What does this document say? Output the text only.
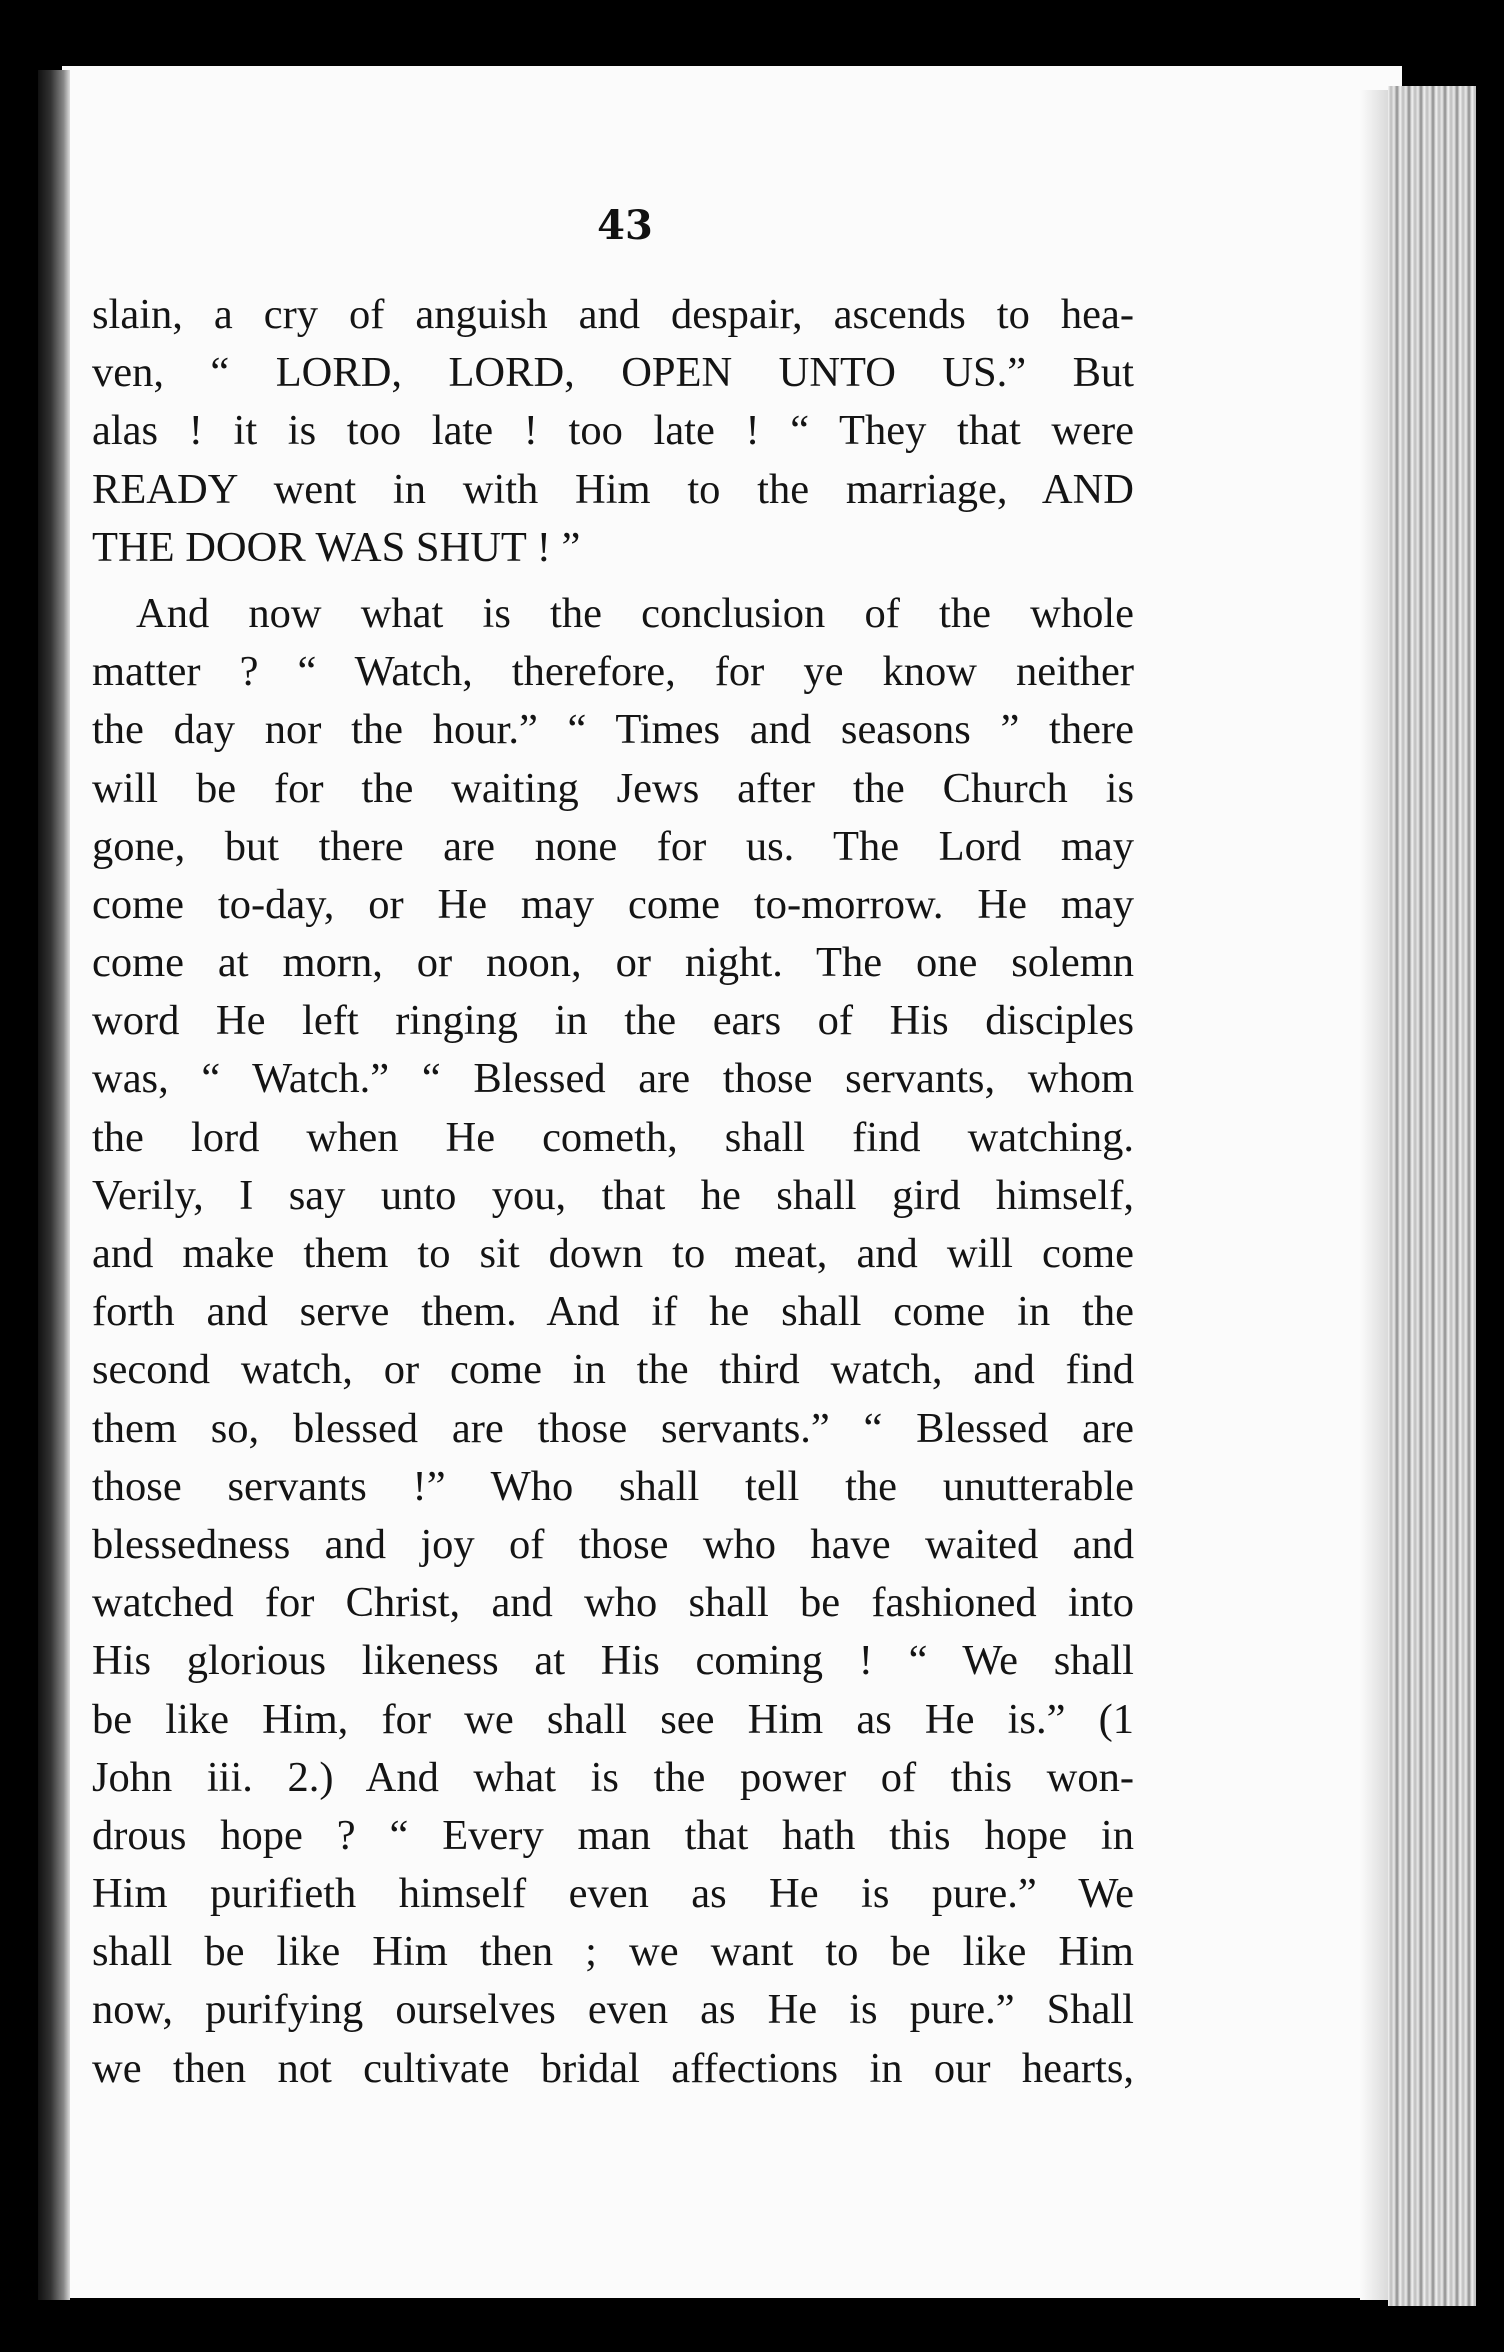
43
slain, a cry of anguish and despair, ascends to hea-
ven, “ LORD, LORD, OPEN UNTO US.” But
alas ! it is too late ! too late ! “ They that were
READY went in with Him to the marriage, AND
THE DOOR WAS SHUT ! ”
And now what is the conclusion of the whole
matter ? “ Watch, therefore, for ye know neither
the day nor the hour.” “ Times and seasons ” there
will be for the waiting Jews after the Church is
gone, but there are none for us. The Lord may
come to-day, or He may come to-morrow. He may
come at morn, or noon, or night. The one solemn
word He left ringing in the ears of His disciples
was, “ Watch.” “ Blessed are those servants, whom
the lord when He cometh, shall find watching.
Verily, I say unto you, that he shall gird himself,
and make them to sit down to meat, and will come
forth and serve them. And if he shall come in the
second watch, or come in the third watch, and find
them so, blessed are those servants.” “ Blessed are
those servants !” Who shall tell the unutterable
blessedness and joy of those who have waited and
watched for Christ, and who shall be fashioned into
His glorious likeness at His coming ! “ We shall
be like Him, for we shall see Him as He is.” (1
John iii. 2.) And what is the power of this won-
drous hope ? “ Every man that hath this hope in
Him purifieth himself even as He is pure.” We
shall be like Him then ; we want to be like Him
now, purifying ourselves even as He is pure.” Shall
we then not cultivate bridal affections in our hearts,
